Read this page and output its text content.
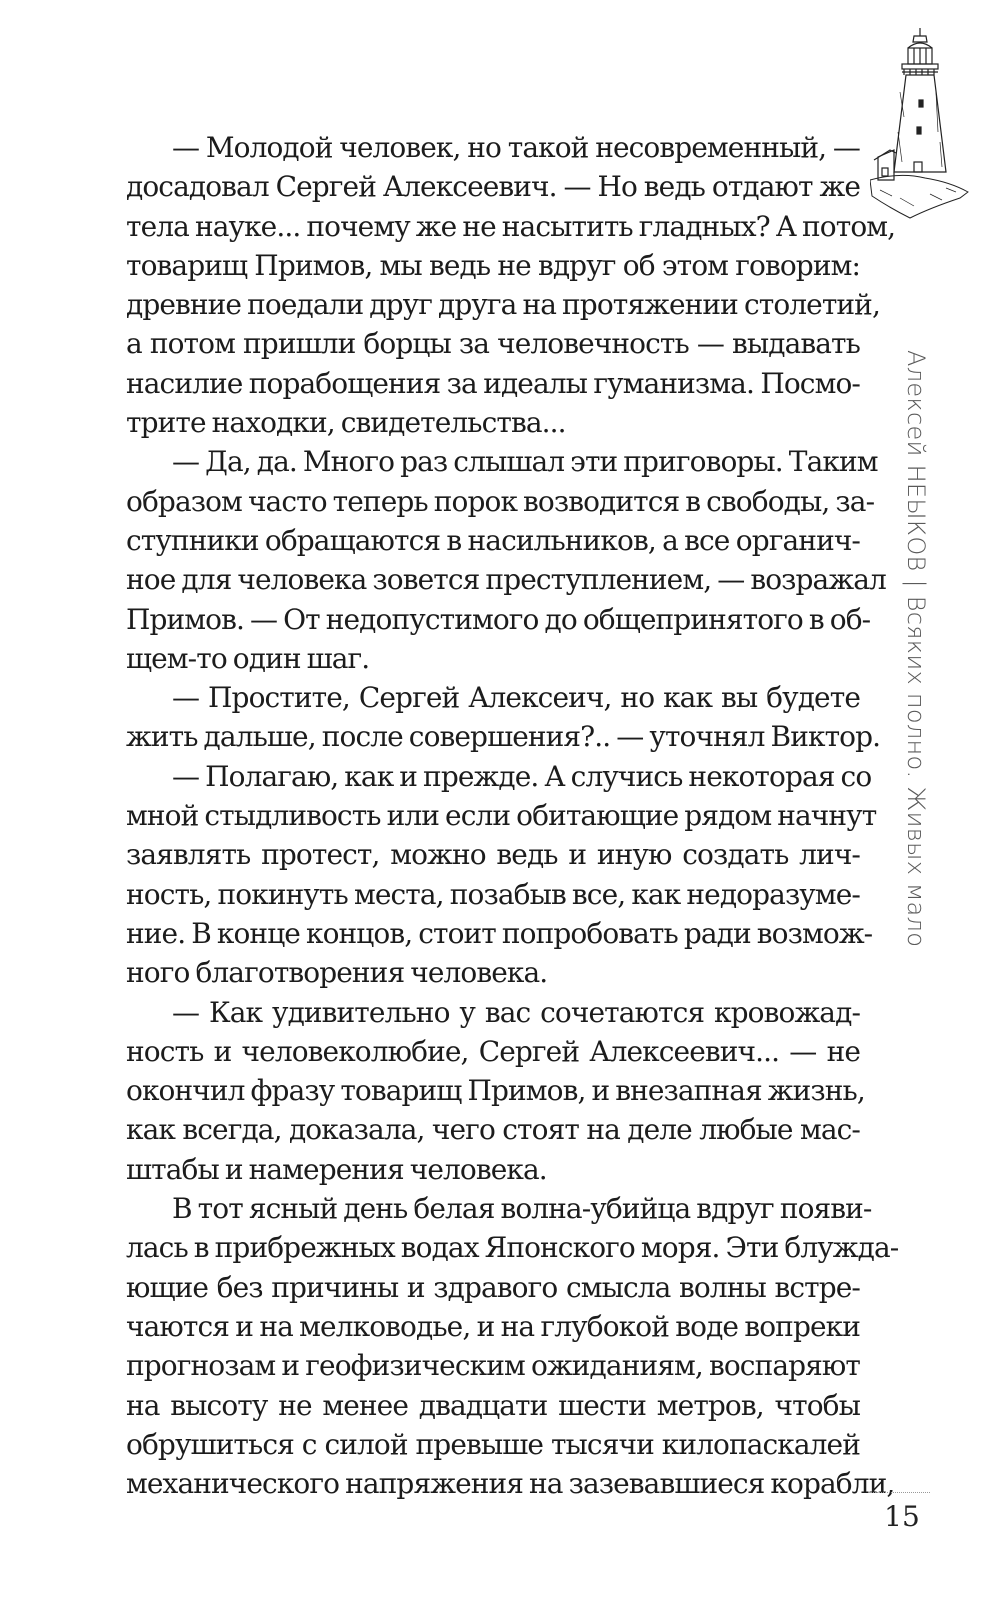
— Молодой человек, но такой несовременный, —
досадовал Сергей Алексеевич. — Но ведь отдают же
тела науке... почему же не насытить гладных? А потом,
товарищ Примов, мы ведь не вдруг об этом говорим:
древние поедали друг друга на протяжении столетий,
а потом пришли борцы за человечность — выдавать
насилие порабощения за идеалы гуманизма. Посмо-
трите находки, свидетельства...
— Да, да. Много раз слышал эти приговоры. Таким
образом часто теперь порок возводится в свободы, за-
ступники обращаются в насильников, а все органич-
ное для человека зовется преступлением, — возражал
Примов. — От недопустимого до общепринятого в об-
щем-то один шаг.
— Простите, Сергей Алексеич, но как вы будете
жить дальше, после совершения?.. — уточнял Виктор.
— Полагаю, как и прежде. А случись некоторая со
мной стыдливость или если обитающие рядом начнут
заявлять протест, можно ведь и иную создать лич-
ность, покинуть места, позабыв все, как недоразуме-
ние. В конце концов, стоит попробовать ради возмож-
ного благотворения человека.
— Как удивительно у вас сочетаются кровожад-
ность и человеколюбие, Сергей Алексеевич... — не
окончил фразу товарищ Примов, и внезапная жизнь,
как всегда, доказала, чего стоят на деле любые мас-
штабы и намерения человека.
В тот ясный день белая волна-убийца вдруг появи-
лась в прибрежных водах Японского моря. Эти блужда-
ющие без причины и здравого смысла волны встре-
чаются и на мелководье, и на глубокой воде вопреки
прогнозам и геофизическим ожиданиям, воспаряют
на высоту не менее двадцати шести метров, чтобы
обрушиться с силой превыше тысячи килопаскалей
механического напряжения на зазевавшиеся корабли,
Алексей НЕЫКОВ | Всяких полно. Живых мало
15
